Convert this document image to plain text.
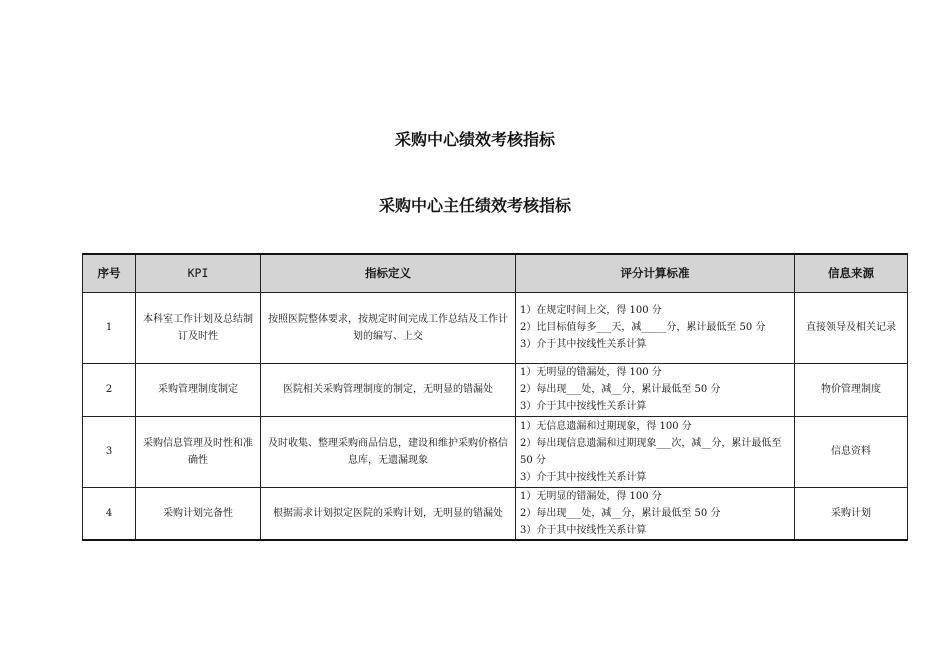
采购中心绩效考核指标
采购中心主任绩效考核指标
序号	KPI	指标定义	评分计算标准	信息来源
1	本科室工作计划及总结制订及时性	按照医院整体要求，按规定时间完成工作总结及工作计划的编写、上交	1）在规定时间上交，得 100 分
2）比目标值每多___天，减_____分，累计最低至 50 分
3）介于其中按线性关系计算	直接领导及相关记录
2	采购管理制度制定	医院相关采购管理制度的制定，无明显的错漏处	1）无明显的错漏处，得 100 分
2）每出现___处，减__分，累计最低至 50 分
3）介于其中按线性关系计算	物价管理制度
3	采购信息管理及时性和准确性	及时收集、整理采购商品信息，建设和维护采购价格信息库，无遗漏现象	1）无信息遗漏和过期现象，得 100 分
2）每出现信息遗漏和过期现象___次，减__分，累计最低至 50 分
3）介于其中按线性关系计算	信息资料
4	采购计划完备性	根据需求计划拟定医院的采购计划，无明显的错漏处	1）无明显的错漏处，得 100 分
2）每出现___处，减__分，累计最低至 50 分
3）介于其中按线性关系计算	采购计划
